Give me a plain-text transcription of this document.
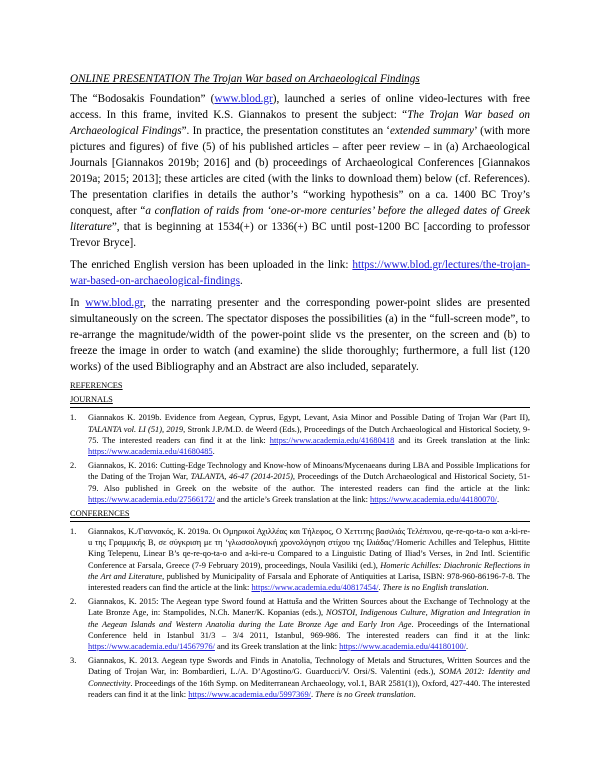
ONLINE PRESENTATION The Trojan War based on Archaeological Findings

The “Bodosakis Foundation” (www.blod.gr), launched a series of online video-lectures with free access. In this frame, invited K.S. Giannakos to present the subject: “The Trojan War based on Archaeological Findings”. In practice, the presentation constitutes an ‘extended summary’ (with more pictures and figures) of five (5) of his published articles – after peer review – in (a) Archaeological Journals [Giannakos 2019b; 2016] and (b) proceedings of Archaeological Conferences [Giannakos 2019a; 2015; 2013]; these articles are cited (with the links to download them) below (cf. References). The presentation clarifies in details the author’s “working hypothesis” on a ca. 1400 BC Troy’s conquest, after “a conflation of raids from ‘one-or-more centuries’ before the alleged dates of Greek literature”, that is beginning at 1534(+) or 1336(+) BC until post-1200 BC [according to professor Trevor Bryce].

The enriched English version has been uploaded in the link: https://www.blod.gr/lectures/the-trojan-war-based-on-archaeological-findings.

In www.blod.gr, the narrating presenter and the corresponding power-point slides are presented simultaneously on the screen. The spectator disposes the possibilities (a) in the “full-screen mode”, to re-arrange the magnitude/width of the power-point slide vs the presenter, on the screen and (b) to freeze the image in order to watch (and examine) the slide thoroughly; furthermore, a full list (120 works) of the used Bibliography and an Abstract are also included, separately.

REFERENCES
JOURNALS
1.	Giannakos K. 2019b. Evidence from Aegean, Cyprus, Egypt, Levant, Asia Minor and Possible Dating of Trojan War (Part II), TALANTA vol. LI (51), 2019, Stronk J.P./M.D. de Weerd (Eds.), Proceedings of the Dutch Archaeological and Historical Society, 9-75. The interested readers can find it at the link: https://www.academia.edu/41680418 and its Greek translation at the link: https://www.academia.edu/41680485.
2.	Giannakos, K. 2016: Cutting-Edge Technology and Know-how of Minoans/Mycenaeans during LBA and Possible Implications for the Dating of the Trojan War, TALANTA, 46-47 (2014-2015), Proceedings of the Dutch Archaeological and Historical Society, 51-79. Also published in Greek on the website of the author. The interested readers can find the article at the link: https://www.academia.edu/27566172/ and the article’s Greek translation at the link: https://www.academia.edu/44180070/.
CONFERENCES
1.	Giannakos, K./Γιαννακός, Κ. 2019a. Οι Ομηρικοί Αχιλλέας και Τήλεφος, Ο Χεττιτης βασιλιάς Τελέπινου, qe-re-qo-ta-o και a-ki-re-u της Γραμμικής Β, σε σύγκριση με τη ‘γλωσσολογική χρονολόγηση στίχου της Ιλιάδας’/Homeric Achilles and Telephus, Hittite King Telepenu, Linear B’s qe-re-qo-ta-o and a-ki-re-u Compared to a Linguistic Dating of Iliad’s Verses, in 2nd Intl. Scientific Conference at Farsala, Greece (7-9 February 2019), proceedings, Noula Vasiliki (ed.), Homeric Achilles: Diachronic Reflections in the Art and Literature, published by Municipality of Farsala and Ephorate of Antiquities at Larisa, ISBN: 978-960-86196-7-8. The interested readers can find the article at the link: https://www.academia.edu/40817454/. There is no English translation.
2.	Giannakos, K. 2015: The Aegean type Sword found at Hattuša and the Written Sources about the Exchange of Technology at the Late Bronze Age, in: Stampolides, N.Ch. Maner/K. Kopanias (eds.), NOSTOI, Indigenous Culture, Migration and Integration in the Aegean Islands and Western Anatolia during the Late Bronze Age and Early Iron Age. Proceedings of the International Conference held in Istanbul 31/3 – 3/4 2011, Istanbul, 969-986. The interested readers can find it at the link: https://www.academia.edu/14567976/ and its Greek translation at the link: https://www.academia.edu/44180100/.
3.	Giannakos, K. 2013. Aegean type Swords and Finds in Anatolia, Technology of Metals and Structures, Written Sources and the Dating of Trojan War, in: Bombardieri, L./A. D’Agostino/G. Guarducci/V. Orsi/S. Valentini (eds.), SOMA 2012: Identity and Connectivity. Proceedings of the 16th Symp. on Mediterranean Archaeology, vol.1, BAR 2581(1)), Oxford, 427-440. The interested readers can find it at the link: https://www.academia.edu/5997369/. There is no Greek translation.
